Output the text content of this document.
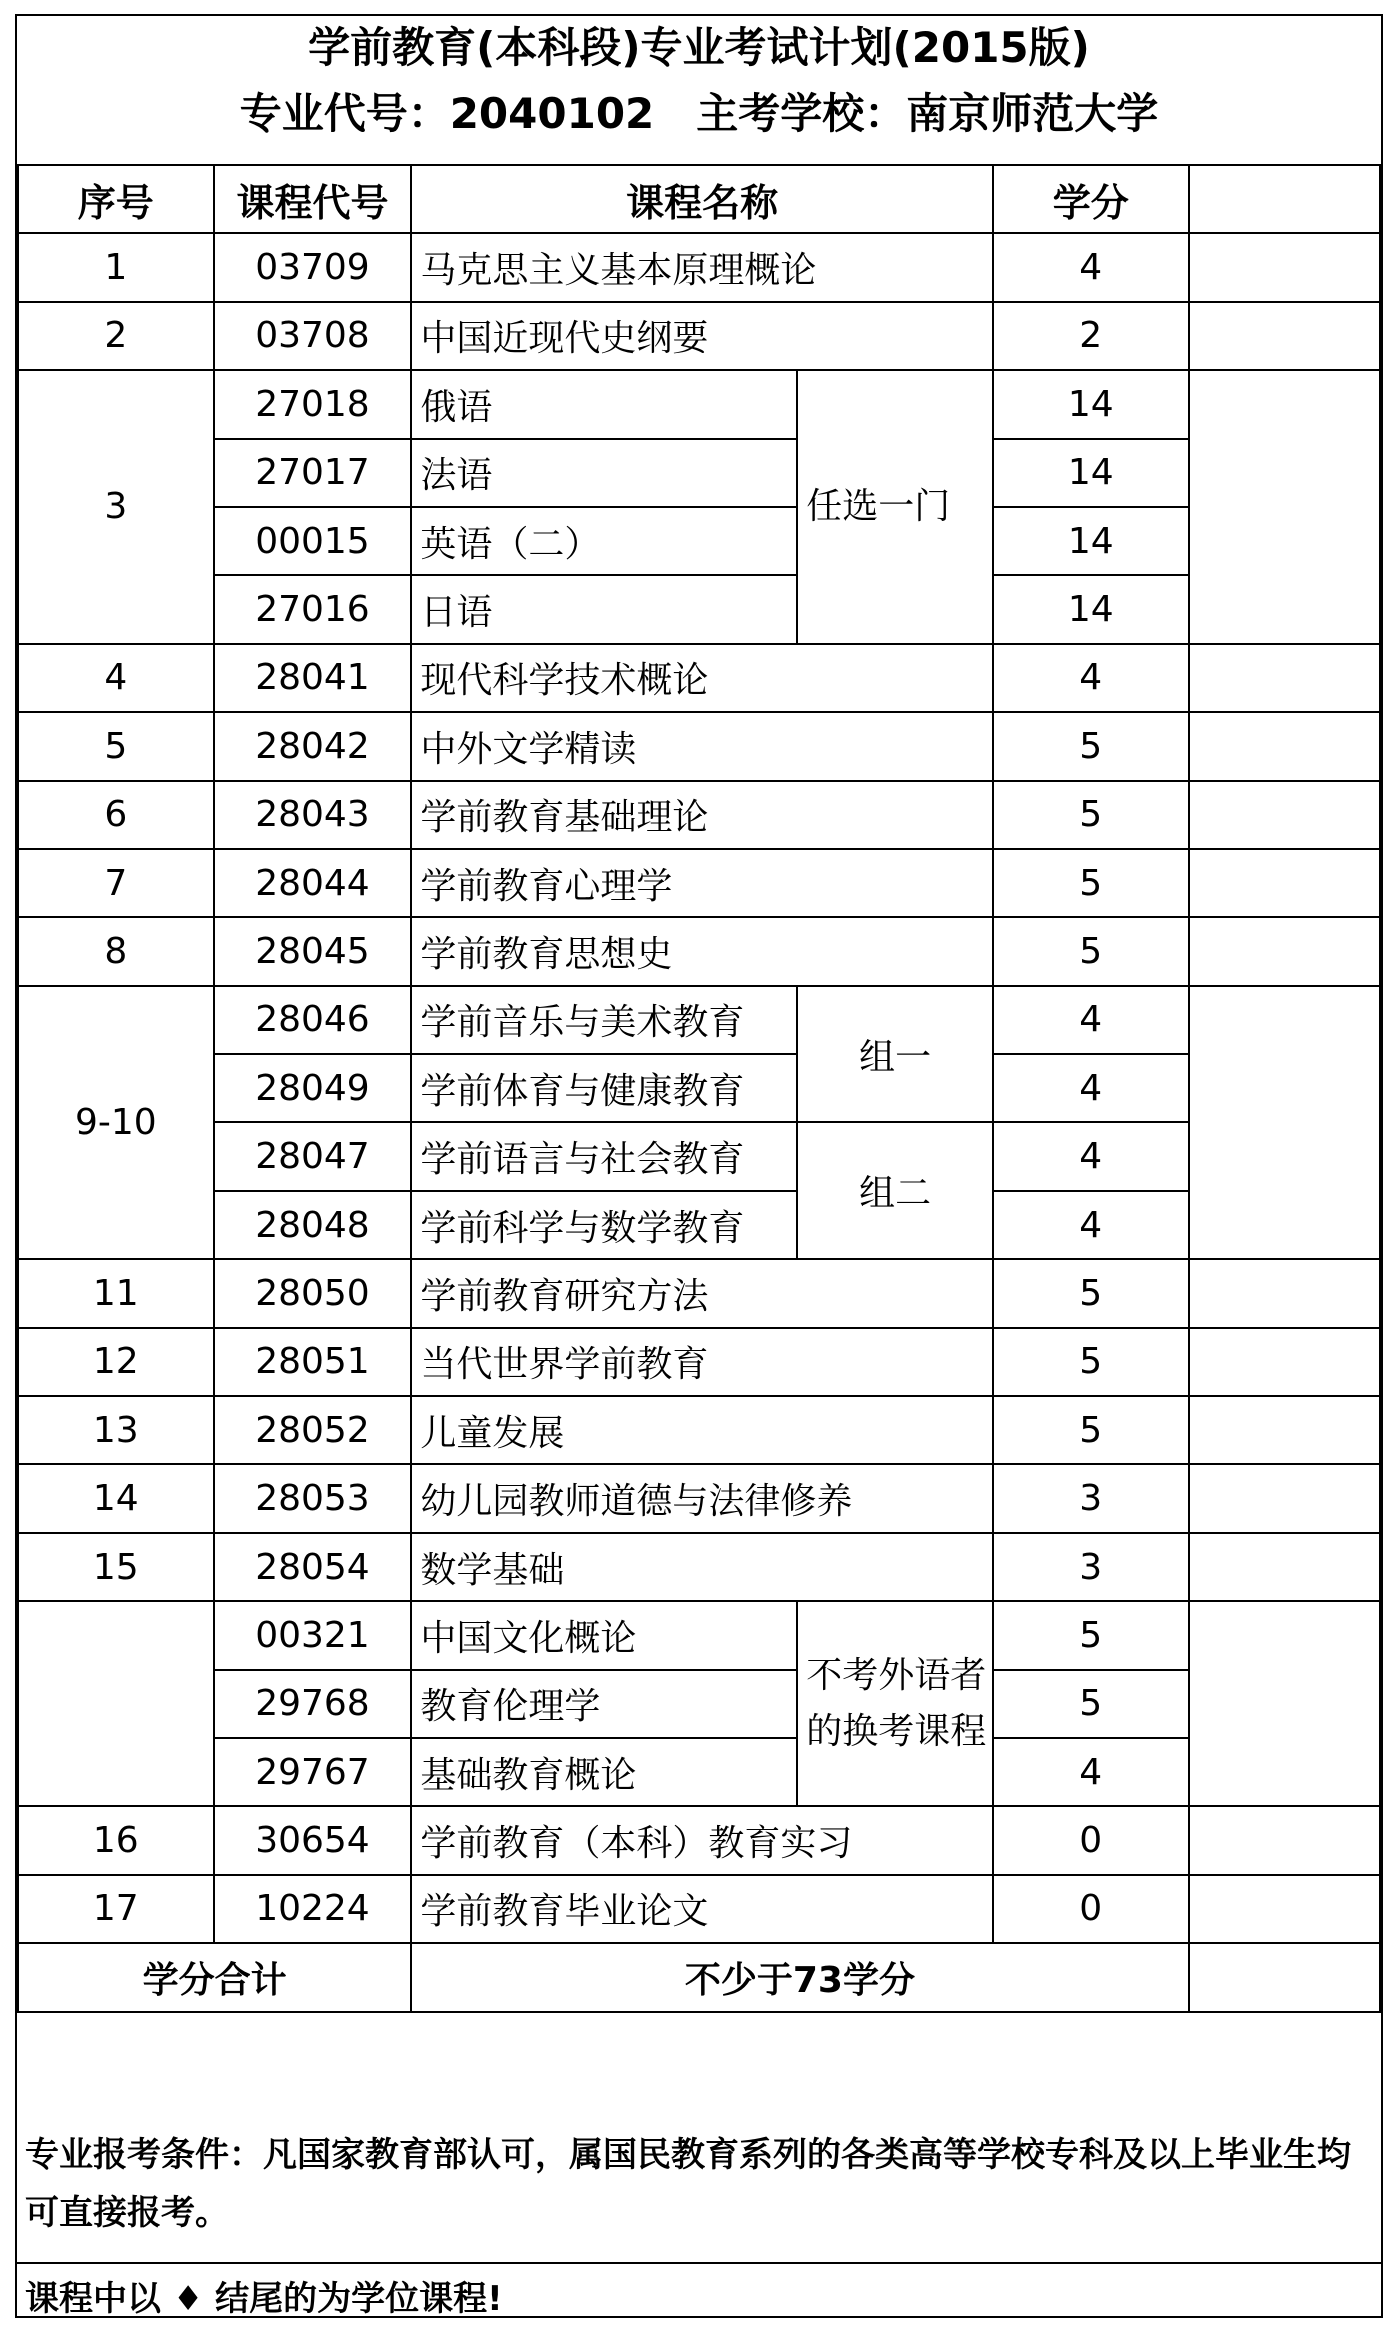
学前教育(本科段)专业考试计划(2015版)
专业代号：2040102　主考学校：南京师范大学
序号	课程代号	课程名称		学分	
1	03709	马克思主义基本原理概论		4	
2	03708	中国近现代史纲要		2	
3	27018	俄语	任选一门	14	
	27017	法语		14	
	00015	英语（二）		14	
	27016	日语		14	
4	28041	现代科学技术概论		4	
5	28042	中外文学精读		5	
6	28043	学前教育基础理论		5	
7	28044	学前教育心理学		5	
8	28045	学前教育思想史		5	
9-10	28046	学前音乐与美术教育	组一	4	
	28049	学前体育与健康教育		4	
	28047	学前语言与社会教育	组二	4	
	28048	学前科学与数学教育		4	
11	28050	学前教育研究方法		5	
12	28051	当代世界学前教育		5	
13	28052	儿童发展		5	
14	28053	幼儿园教师道德与法律修养		3	
15	28054	数学基础		3	
	00321	中国文化概论	不考外语者的换考课程	5	
	29768	教育伦理学		5	
	29767	基础教育概论		4	
16	30654	学前教育（本科）教育实习		0	
17	10224	学前教育毕业论文		0	
学分合计		不少于73学分			
专业报考条件：凡国家教育部认可，属国民教育系列的各类高等学校专科及以上毕业生均可直接报考。
课程中以 ♦ 结尾的为学位课程!
